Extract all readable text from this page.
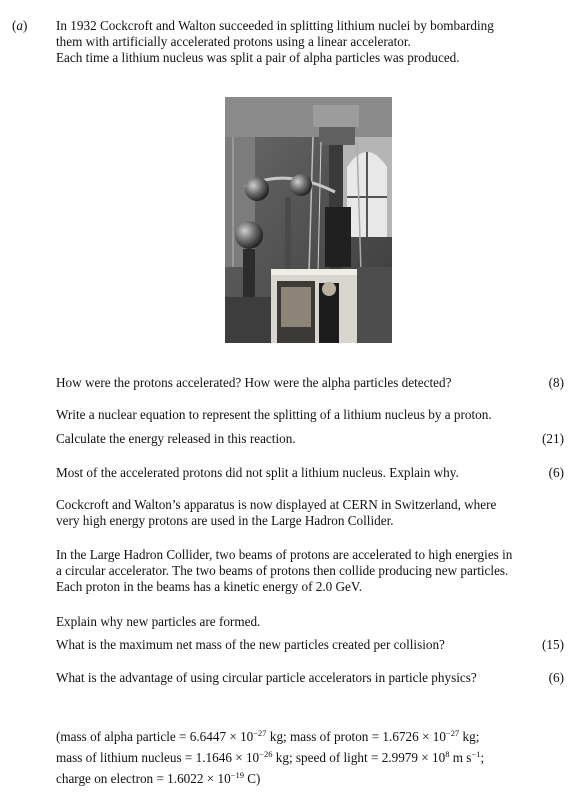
(a) In 1932 Cockcroft and Walton succeeded in splitting lithium nuclei by bombarding
them with artificially accelerated protons using a linear accelerator.
Each time a lithium nucleus was split a pair of alpha particles was produced.
How were the protons accelerated? How were the alpha particles detected?	(8)
Write a nuclear equation to represent the splitting of a lithium nucleus by a proton.
Calculate the energy released in this reaction.	(21)
Most of the accelerated protons did not split a lithium nucleus. Explain why.	(6)
Cockcroft and Walton’s apparatus is now displayed at CERN in Switzerland, where
very high energy protons are used in the Large Hadron Collider.
In the Large Hadron Collider, two beams of protons are accelerated to high energies in
a circular accelerator. The two beams of protons then collide producing new particles.
Each proton in the beams has a kinetic energy of 2.0 GeV.
Explain why new particles are formed.
What is the maximum net mass of the new particles created per collision?	(15)
What is the advantage of using circular particle accelerators in particle physics?	(6)
(mass of alpha particle = $6.6447 \times 10^{-27}$ kg; mass of proton = $1.6726 \times 10^{-27}$ kg;
mass of lithium nucleus = $1.1646 \times 10^{-26}$ kg; speed of light = $2.9979 \times 10^8$ m $s^{-1}$;
charge on electron = $1.6022 \times 10^{-19}$ C)
